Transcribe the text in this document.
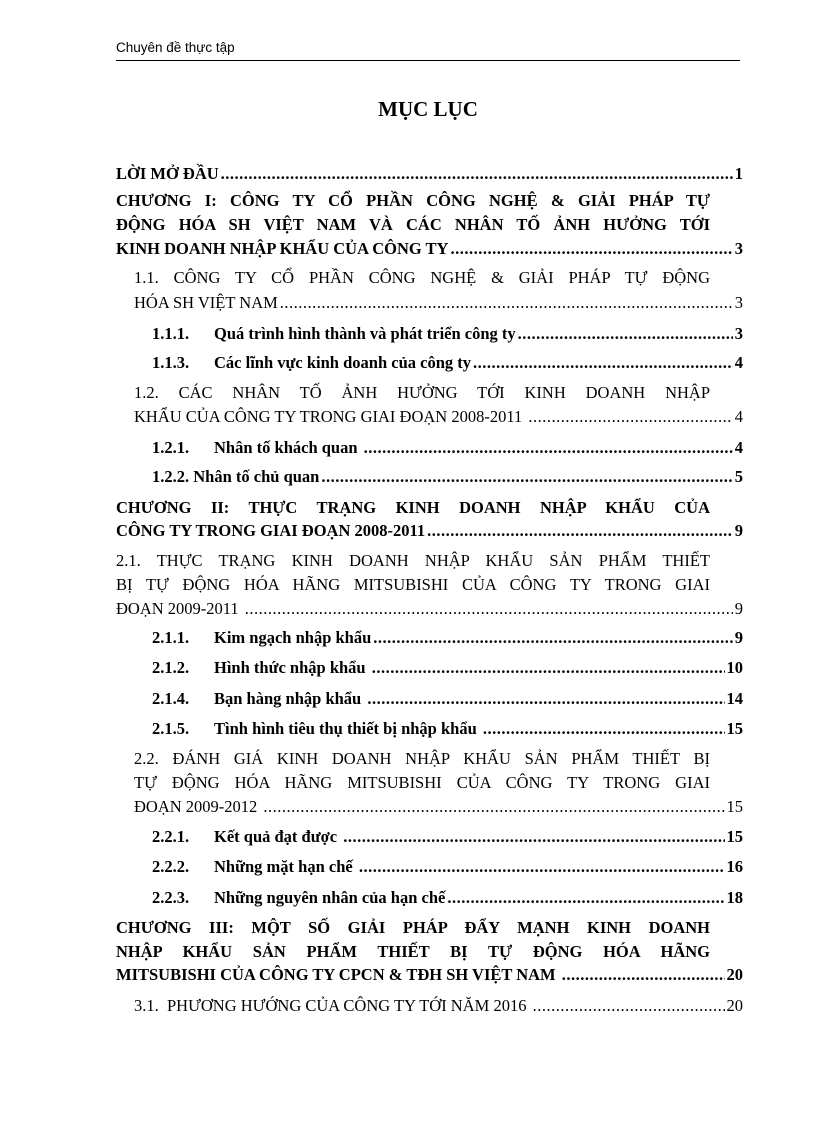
Chuyên đề thực tập
MỤC LỤC
LỜI MỞ ĐẦU .....	1
CHƯƠNG I: CÔNG TY CỔ PHẦN CÔNG NGHỆ & GIẢI PHÁP TỰ
ĐỘNG HÓA SH VIỆT NAM VÀ CÁC NHÂN TỐ ẢNH HƯỞNG TỚI
KINH DOANH NHẬP KHẨU CỦA CÔNG TY .....	3
1.1. CÔNG TY CỔ PHẦN CÔNG NGHỆ & GIẢI PHÁP TỰ ĐỘNG
HÓA SH VIỆT NAM .....	3
1.1.1.	Quá trình hình thành và phát triển công ty .....	3
1.1.3.	Các lĩnh vực kinh doanh của công ty .....	4
1.2. CÁC NHÂN TỐ ẢNH HƯỞNG TỚI KINH DOANH NHẬP
KHẨU CỦA CÔNG TY TRONG GIAI ĐOẠN 2008-2011 .....	4
1.2.1.	Nhân tố khách quan .....	4
1.2.2. Nhân tố chủ quan .....	5
CHƯƠNG II: THỰC TRẠNG KINH DOANH NHẬP KHẨU CỦA
CÔNG TY TRONG GIAI ĐOẠN 2008-2011 .....	9
2.1. THỰC TRẠNG KINH DOANH NHẬP KHẨU SẢN PHẨM THIẾT
BỊ TỰ ĐỘNG HÓA HÃNG MITSUBISHI CỦA CÔNG TY TRONG GIAI
ĐOẠN 2009-2011 .....	9
2.1.1.	Kim ngạch nhập khẩu .....	9
2.1.2.	Hình thức nhập khẩu .....	10
2.1.4.	Bạn hàng nhập khẩu .....	14
2.1.5.	Tình hình tiêu thụ thiết bị nhập khẩu .....	15
2.2. ĐÁNH GIÁ KINH DOANH NHẬP KHẨU SẢN PHẨM THIẾT BỊ
TỰ ĐỘNG HÓA HÃNG MITSUBISHI CỦA CÔNG TY TRONG GIAI
ĐOẠN 2009-2012 .....	15
2.2.1.	Kết quả đạt được .....	15
2.2.2.	Những mặt hạn chế .....	16
2.2.3.	Những nguyên nhân của hạn chế .....	18
CHƯƠNG III: MỘT SỐ GIẢI PHÁP ĐẨY MẠNH KINH DOANH
NHẬP KHẨU SẢN PHẨM THIẾT BỊ TỰ ĐỘNG HÓA HÃNG
MITSUBISHI CỦA CÔNG TY CPCN & TĐH SH VIỆT NAM .....	20
3.1.  PHƯƠNG HƯỚNG CỦA CÔNG TY TỚI NĂM 2016 .....	20
